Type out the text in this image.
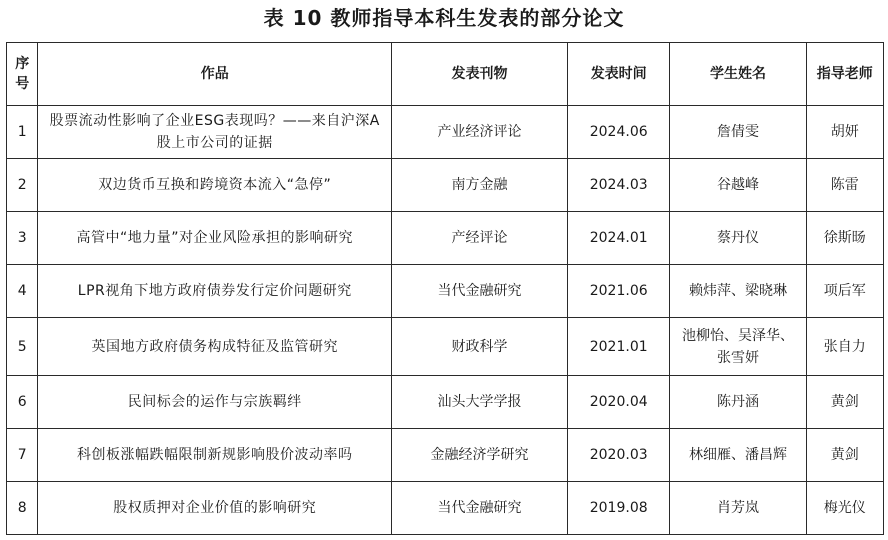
表 10 教师指导本科生发表的部分论文
序号	作品	发表刊物	发表时间	学生姓名	指导老师
1	股票流动性影响了企业ESG表现吗？——来自沪深A股上市公司的证据	产业经济评论	2024.06	詹倩雯	胡妍
2	双边货币互换和跨境资本流入“急停”	南方金融	2024.03	谷越峰	陈雷
3	高管中“地力量”对企业风险承担的影响研究	产经评论	2024.01	蔡丹仪	徐斯旸
4	LPR视角下地方政府债券发行定价问题研究	当代金融研究	2021.06	赖炜萍、梁晓琳	项后军
5	英国地方政府债务构成特征及监管研究	财政科学	2021.01	池柳怡、吴泽华、张雪妍	张自力
6	民间标会的运作与宗族羁绊	汕头大学学报	2020.04	陈丹涵	黄剑
7	科创板涨幅跌幅限制新规影响股价波动率吗	金融经济学研究	2020.03	林细雁、潘昌辉	黄剑
8	股权质押对企业价值的影响研究	当代金融研究	2019.08	肖芳岚	梅光仪
